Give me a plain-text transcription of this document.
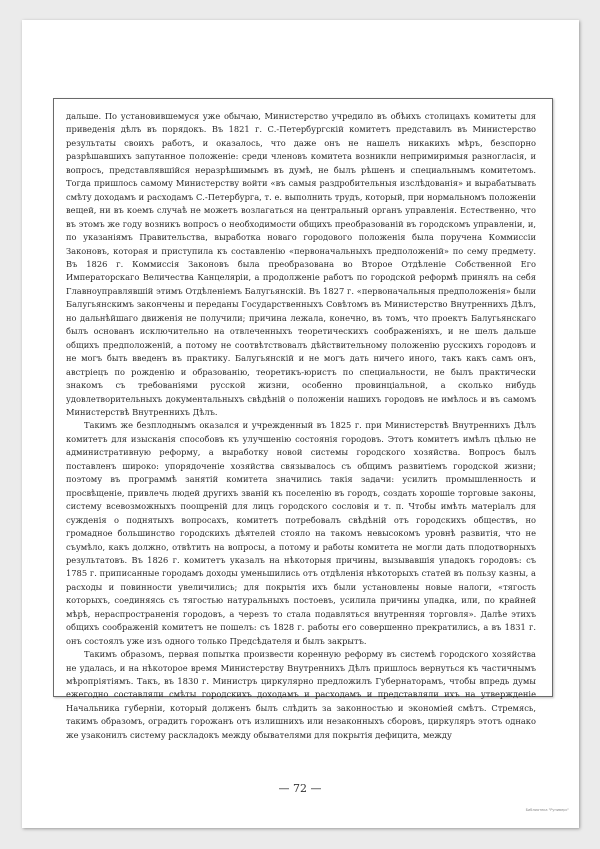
дальше. По установившемуся уже обычаю, Министерство учредило въ обѣихъ столицахъ комитеты для приведенія дѣлъ въ порядокъ. Въ 1821 г. С.-Петербургскій комитетъ представилъ въ Министерство результаты своихъ работъ, и оказалось, что даже онъ не нашелъ никакихъ мѣръ, безспорно разрѣшавшихъ запутанное положеніе: среди членовъ комитета возникли непримиримыя разногласія, и вопросъ, представлявшійся неразрѣшимымъ въ думѣ, не былъ рѣшенъ и специальнымъ комитетомъ. Тогда пришлось самому Министерству войти «въ самыя раздробительныя изслѣдованія» и вырабатывать смѣту доходамъ и расходамъ С.-Петербурга, т. е. выполнить трудъ, который, при нормальномъ положеніи вещей, ни въ коемъ случаѣ не можетъ возлагаться на центральный органъ управленія. Естественно, что въ этомъ же году возникъ вопросъ о необходимости общихъ преобразованій въ городскомъ управленіи, и, по указаніямъ Правительства, выработка новаго городового положенія была поручена Коммиссіи Законовъ, которая и приступила къ составленію «первоначальныхъ предположеній» по сему предмету. Въ 1826 г. Коммиссія Законовъ была преобразована во Второе Отдѣленіе Собственной Его Императорскаго Величества Канцеляріи, а продолженіе работъ по городской реформѣ принялъ на себя Главноуправлявшій этимъ Отдѣленіемъ Балугьянскій. Въ 1827 г. «первоначальныя предположенія» были Балугьянскимъ закончены и переданы Государственныхъ Совѣтомъ въ Министерство Внутреннихъ Дѣлъ, но дальнѣйшаго движенія не получили; причина лежала, конечно, въ томъ, что проектъ Балугьянскаго былъ основанъ исключительно на отвлеченныхъ теоретическихъ соображеніяхъ, и не шелъ дальше общихъ предположеній, а потому не соотвѣтствовалъ дѣйствительному положенію русскихъ городовъ и не могъ быть введенъ въ практику. Балугьянскій и не могъ дать ничего иного, такъ какъ самъ онъ, австріецъ по рожденію и образованію, теоретикъ-юристъ по специальности, не былъ практически знакомъ съ требованіями русской жизни, особенно провинціальной, а сколько нибудь удовлетворительныхъ документальныхъ свѣдѣній о положеніи нашихъ городовъ не имѣлось и въ самомъ Министерствѣ Внутреннихъ Дѣлъ.

Такимъ же безплоднымъ оказался и учрежденный въ 1825 г. при Министерствѣ Внутреннихъ Дѣлъ комитетъ для изысканія способовъ къ улучшенію состоянія городовъ. Этотъ комитетъ имѣлъ цѣлью не административную реформу, а выработку новой системы городского хозяйства. Вопросъ былъ поставленъ широко: упорядоченіе хозяйства связывалось съ общимъ развитіемъ городской жизни; поэтому въ программѣ занятій комитета значились такія задачи: усилить промышленность и просвѣщеніе, привлечь людей другихъ званій къ поселенію въ городъ, создать хорошіе торговые законы, систему всевозможныхъ поощреній для лицъ городского сословія и т. п. Чтобы имѣть матеріалъ для сужденія о поднятыхъ вопросахъ, комитетъ потребовалъ свѣдѣній отъ городскихъ обществъ, но громадное большинство городскихъ дѣятелей стояло на такомъ невысокомъ уровнѣ развитія, что не съумѣло, какъ должно, отвѣтить на вопросы, а потому и работы комитета не могли дать плодотворныхъ результатовъ. Въ 1826 г. комитетъ указалъ на нѣкоторыя причины, вызывавшія упадокъ городовъ: съ 1785 г. приписанные городамъ доходы уменьшились отъ отдѣленія нѣкоторыхъ статей въ пользу казны, а расходы и повинности увеличились; для покрытія ихъ были установлены новые налоги, «тягость которыхъ, соединяясь съ тягостью натуральныхъ постоевъ, усилила причины упадка, или, по крайней мѣрѣ, нераспространенія городовъ, а черезъ то стала подавляться внутренняя торговля». Далѣе этихъ общихъ соображеній комитетъ не пошелъ: съ 1828 г. работы его совершенно прекратились, а въ 1831 г. онъ состоялъ уже изъ одного только Предсѣдателя и былъ закрытъ.

Такимъ образомъ, первая попытка произвести коренную реформу въ системѣ городского хозяйства не удалась, и на нѣкоторое время Министерству Внутреннихъ Дѣлъ пришлось вернуться къ частичнымъ мѣропріятіямъ. Такъ, въ 1830 г. Министръ циркулярно предложилъ Губернаторамъ, чтобы впредь думы ежегодно составляли смѣты городскихъ доходамъ и расходамъ и представляли ихъ на утвержденіе Начальника губерніи, который долженъ былъ слѣдить за законностью и экономіей смѣтъ. Стремясь, такимъ образомъ, оградить горожанъ отъ излишнихъ или незаконныхъ сборовъ, циркуляръ этотъ однако же узаконилъ систему раскладокъ между обывателями для покрытія дефицита, между

— 72 —
Библиотека "Руниверс"
